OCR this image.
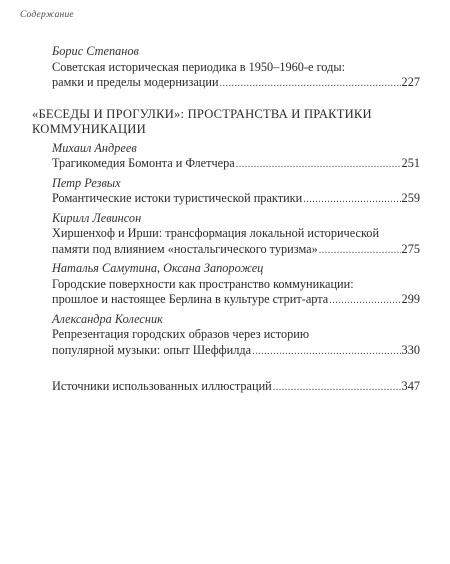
Содержание
Борис Степанов
Советская историческая периодика в 1950–1960-е годы:
рамки и пределы модернизации .....	227
«БЕСЕДЫ И ПРОГУЛКИ»: ПРОСТРАНСТВА И ПРАКТИКИ
КОММУНИКАЦИИ
Михаил Андреев
Трагикомедия Бомонта и Флетчера .....	251
Петр Резвых
Романтические истоки туристической практики .....	259
Кирилл Левинсон
Хиршенхоф и Ирши: трансформация локальной исторической
памяти под влиянием «ностальгического туризма» .....	275
Наталья Самутина, Оксана Запорожец
Городские поверхности как пространство коммуникации:
прошлое и настоящее Берлина в культуре стрит-арта .....	299
Александра Колесник
Репрезентация городских образов через историю
популярной музыки: опыт Шеффилда .....	330
Источники использованных иллюстраций .....	347
